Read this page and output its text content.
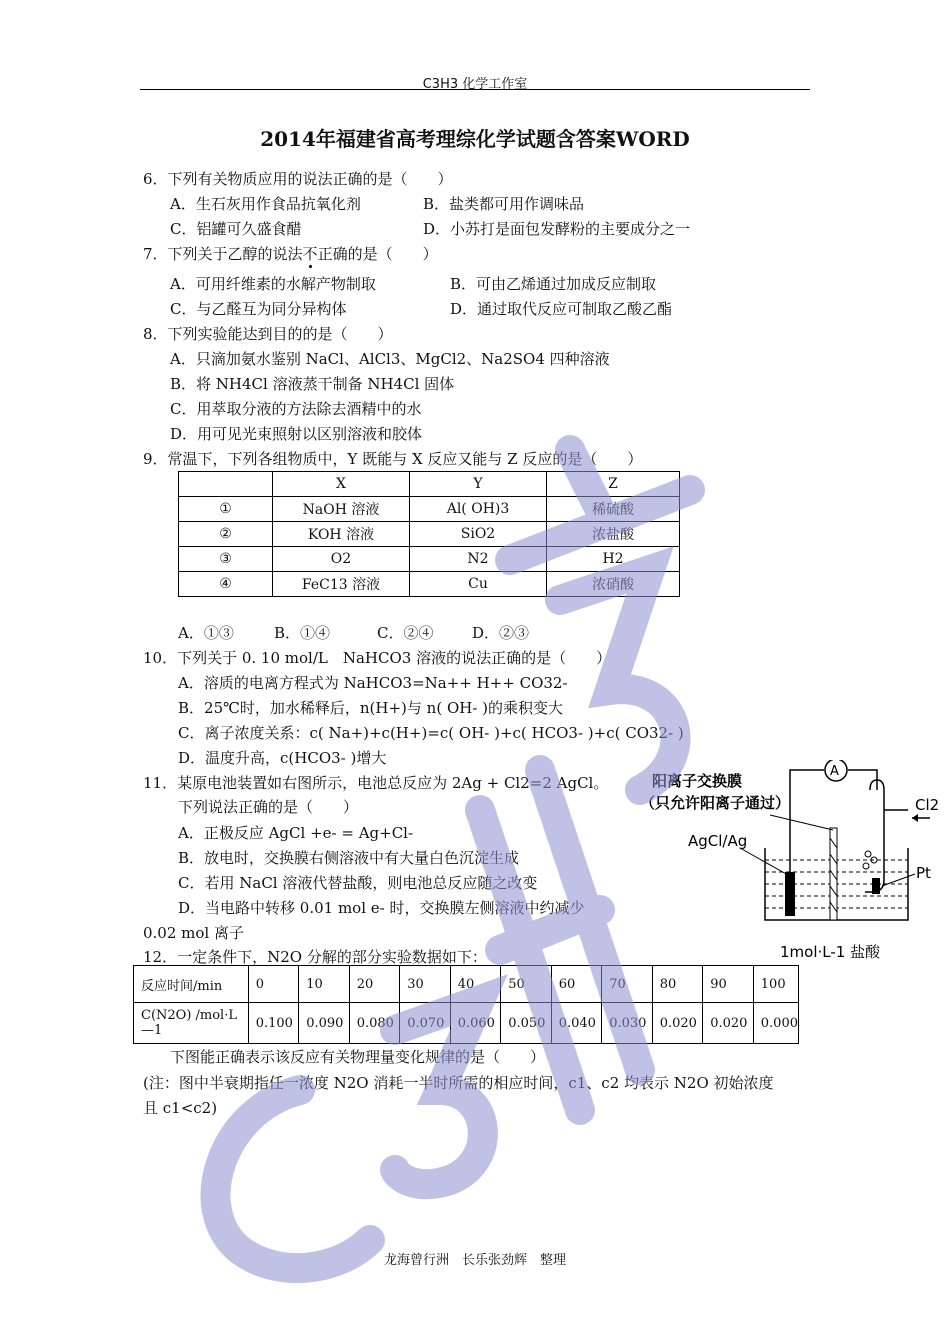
C3H3 化学工作室
2014年福建省高考理综化学试题含答案WORD
6．下列有关物质应用的说法正确的是（　　）
A．生石灰用作食品抗氧化剂	B．盐类都可用作调味品
C．铝罐可久盛食醋	D．小苏打是面包发酵粉的主要成分之一
7．下列关于乙醇的说法不正确的是（　　）
A．可用纤维素的水解产物制取	B．可由乙烯通过加成反应制取
C．与乙醛互为同分异构体	D．通过取代反应可制取乙酸乙酯
8．下列实验能达到目的的是（　　）
A．只滴加氨水鉴别 NaCl、AlCl3、MgCl2、Na2SO4 四种溶液
B．将 NH4Cl 溶液蒸干制备 NH4Cl 固体
C．用萃取分液的方法除去酒精中的水
D．用可见光束照射以区别溶液和胶体
9．常温下，下列各组物质中，Y 既能与 X 反应又能与 Z 反应的是（　　）
	X	Y	Z
①	NaOH 溶液	Al( OH)3	稀硫酸
②	KOH 溶液	SiO2	浓盐酸
③	O2	N2	H2
④	FeC13 溶液	Cu	浓硝酸
A．①③	B．①④	C．②④	D．②③
10．下列关于 0. 10 mol/L　NaHCO3 溶液的说法正确的是（　　）
A．溶质的电离方程式为 NaHCO3=Na++ H++ CO32-
B．25℃时，加水稀释后，n(H+)与 n( OH- )的乘积变大
C．离子浓度关系：c( Na+)+c(H+)=c( OH- )+c( HCO3- )+c( CO32- )
D．温度升高，c(HCO3- )增大
11．某原电池装置如右图所示，电池总反应为 2Ag + Cl2=2 AgCl。
下列说法正确的是（　　）
A．正极反应 AgCl +e- = Ag+Cl-
B．放电时，交换膜右侧溶液中有大量白色沉淀生成
C．若用 NaCl 溶液代替盐酸，则电池总反应随之改变
D．当电路中转移 0.01 mol e- 时，交换膜左侧溶液中约减少
0.02 mol 离子
阳离子交换膜
（只允许阳离子通过）
AgCl/Ag
Cl2
Pt
1mol·L-1 盐酸
A
12．一定条件下，N2O 分解的部分实验数据如下：
反应时间/min	0	10	20	30	40	50	60	70	80	90	100
C(N2O) /mol·L—1	0.100	0.090	0.080	0.070	0.060	0.050	0.040	0.030	0.020	0.020	0.000
下图能正确表示该反应有关物理量变化规律的是（　　）
(注：图中半衰期指任一浓度 N2O 消耗一半时所需的相应时间，c1、c2 均表示 N2O 初始浓度
且 c1<c2)
龙海曾行洲　长乐张劲辉　整理
